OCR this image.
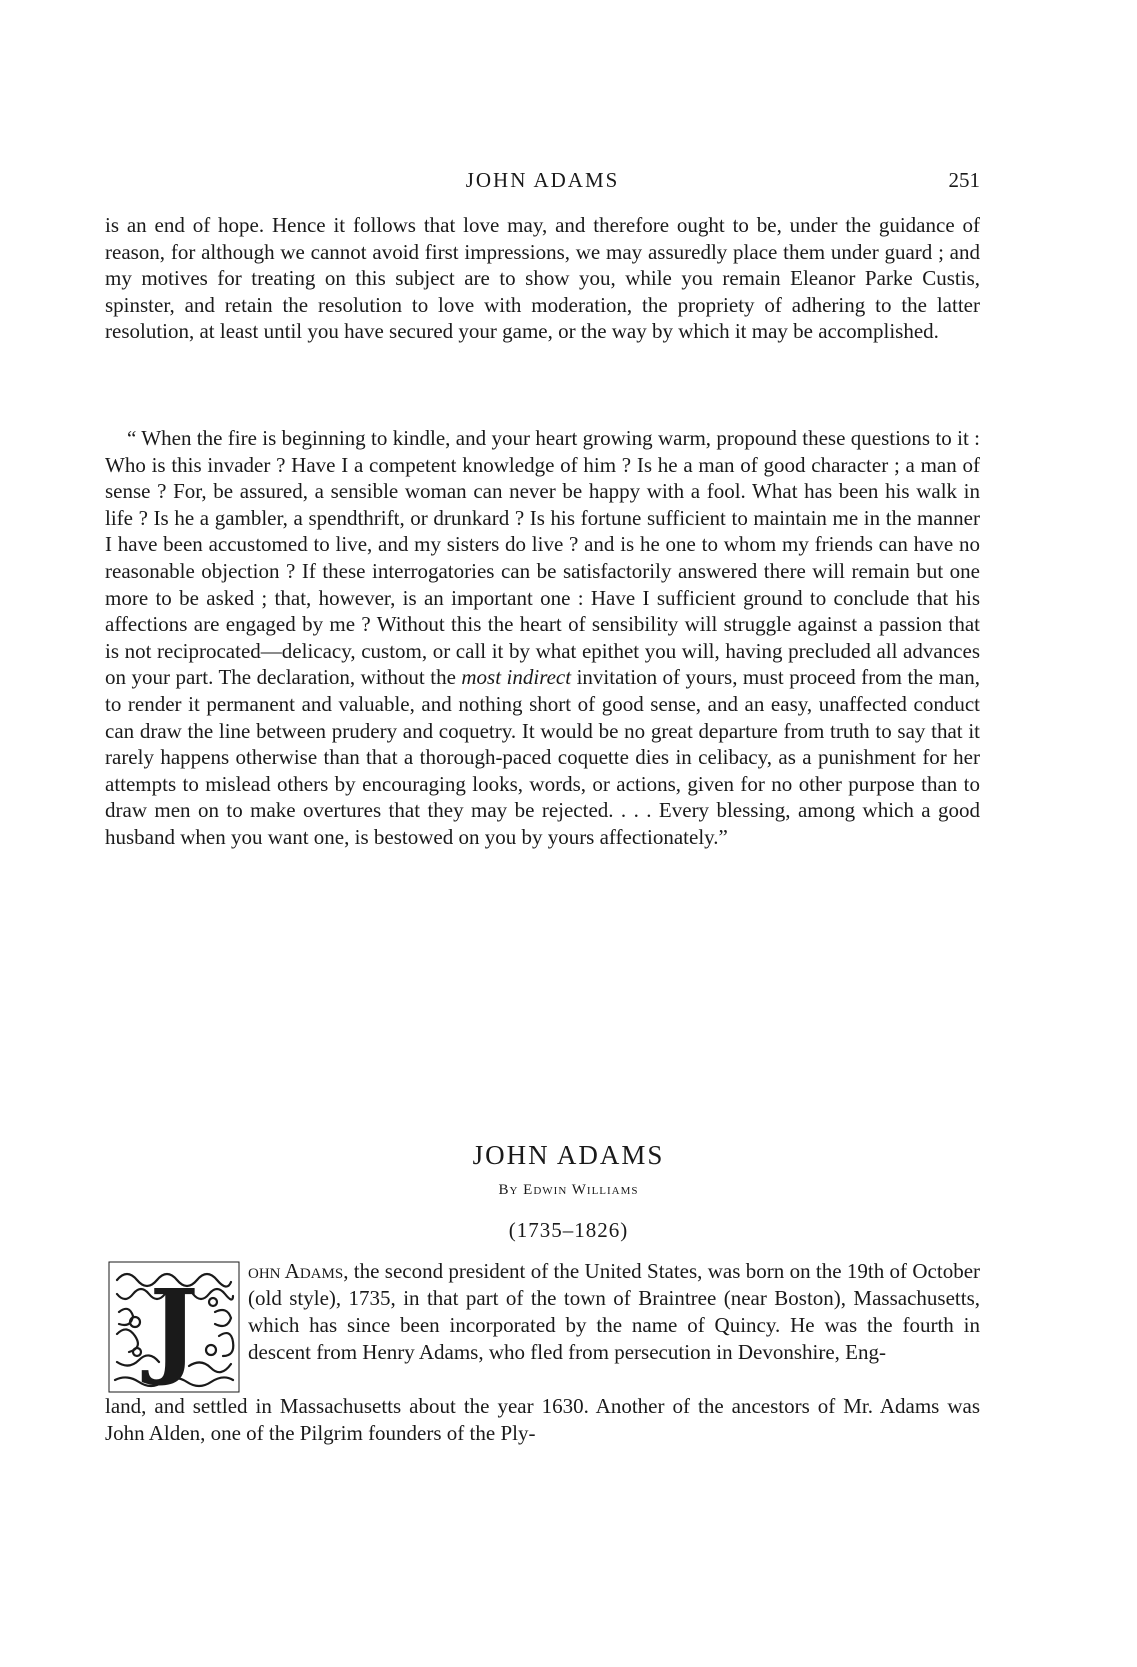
JOHN ADAMS	251

is an end of hope. Hence it follows that love may, and therefore ought to be, under the guidance of reason, for although we cannot avoid first impressions, we may assuredly place them under guard ; and my motives for treating on this subject are to show you, while you remain Eleanor Parke Custis, spinster, and retain the resolution to love with moderation, the propriety of adhering to the latter resolution, at least until you have secured your game, or the way by which it may be accomplished.

“ When the fire is beginning to kindle, and your heart growing warm, propound these questions to it : Who is this invader ? Have I a competent knowledge of him ? Is he a man of good character ; a man of sense ? For, be assured, a sensible woman can never be happy with a fool. What has been his walk in life ? Is he a gambler, a spendthrift, or drunkard ? Is his fortune sufficient to maintain me in the manner I have been accustomed to live, and my sisters do live ? and is he one to whom my friends can have no reasonable objection ? If these interrogatories can be satisfactorily answered there will remain but one more to be asked ; that, however, is an important one : Have I sufficient ground to conclude that his affections are engaged by me ? Without this the heart of sensibility will struggle against a passion that is not reciprocated—delicacy, custom, or call it by what epithet you will, having precluded all advances on your part. The declaration, without the most indirect invitation of yours, must proceed from the man, to render it permanent and valuable, and nothing short of good sense, and an easy, unaffected conduct can draw the line between prudery and coquetry. It would be no great departure from truth to say that it rarely happens otherwise than that a thorough-paced coquette dies in celibacy, as a punishment for her attempts to mislead others by encouraging looks, words, or actions, given for no other purpose than to draw men on to make overtures that they may be rejected. . . . Every blessing, among which a good husband when you want one, is bestowed on you by yours affectionately.”

JOHN ADAMS
By Edwin Williams
(1735–1826)
J ohn Adams, the second president of the United States, was born on the 19th of October (old style), 1735, in that part of the town of Braintree (near Boston), Massachusetts, which has since been incorporated by the name of Quincy. He was the fourth in descent from Henry Adams, who fled from persecution in Devonshire, Eng-

land, and settled in Massachusetts about the year 1630. Another of the ancestors of Mr. Adams was John Alden, one of the Pilgrim founders of the Ply-
